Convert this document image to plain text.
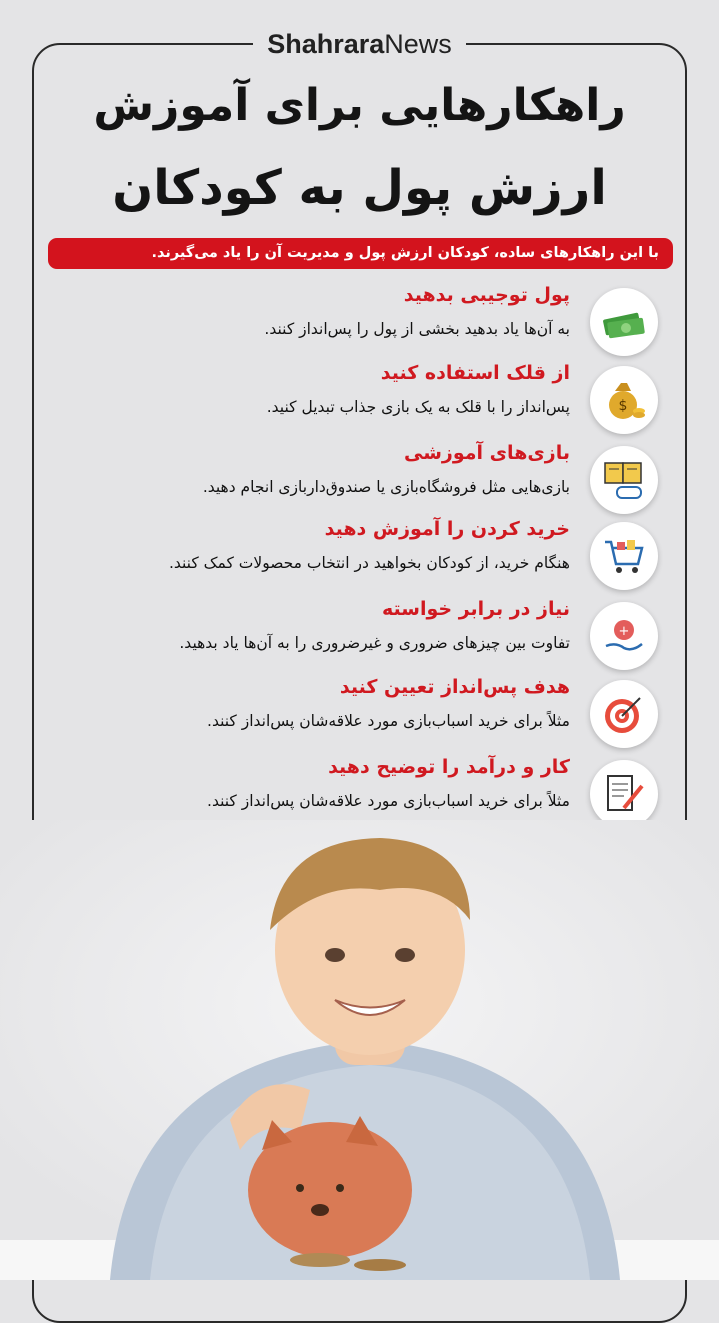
ShahraraNews
راهکارهایی برای آموزش
ارزش پول به کودکان
با این راهکارهای ساده، کودکان ارزش پول و مدیریت آن را یاد می‌گیرند.
پول توجیبی بدهید
به آن‌ها یاد بدهید بخشی از پول را پس‌انداز کنند.
$
از قلک استفاده کنید
پس‌انداز را با قلک به یک بازی جذاب تبدیل کنید.
بازی‌های آموزشی
بازی‌هایی مثل فروشگاه‌بازی یا صندوق‌داربازی انجام دهید.
خرید کردن را آموزش دهید
هنگام خرید، از کودکان بخواهید در انتخاب محصولات کمک کنند.
+
نیاز در برابر خواسته
تفاوت بین چیزهای ضروری و غیرضروری را به آن‌ها یاد بدهید.
هدف پس‌انداز تعیین کنید
مثلاً برای خرید اسباب‌بازی مورد علاقه‌شان پس‌انداز کنند.
کار و درآمد را توضیح دهید
مثلاً برای خرید اسباب‌بازی مورد علاقه‌شان پس‌انداز کنند.
